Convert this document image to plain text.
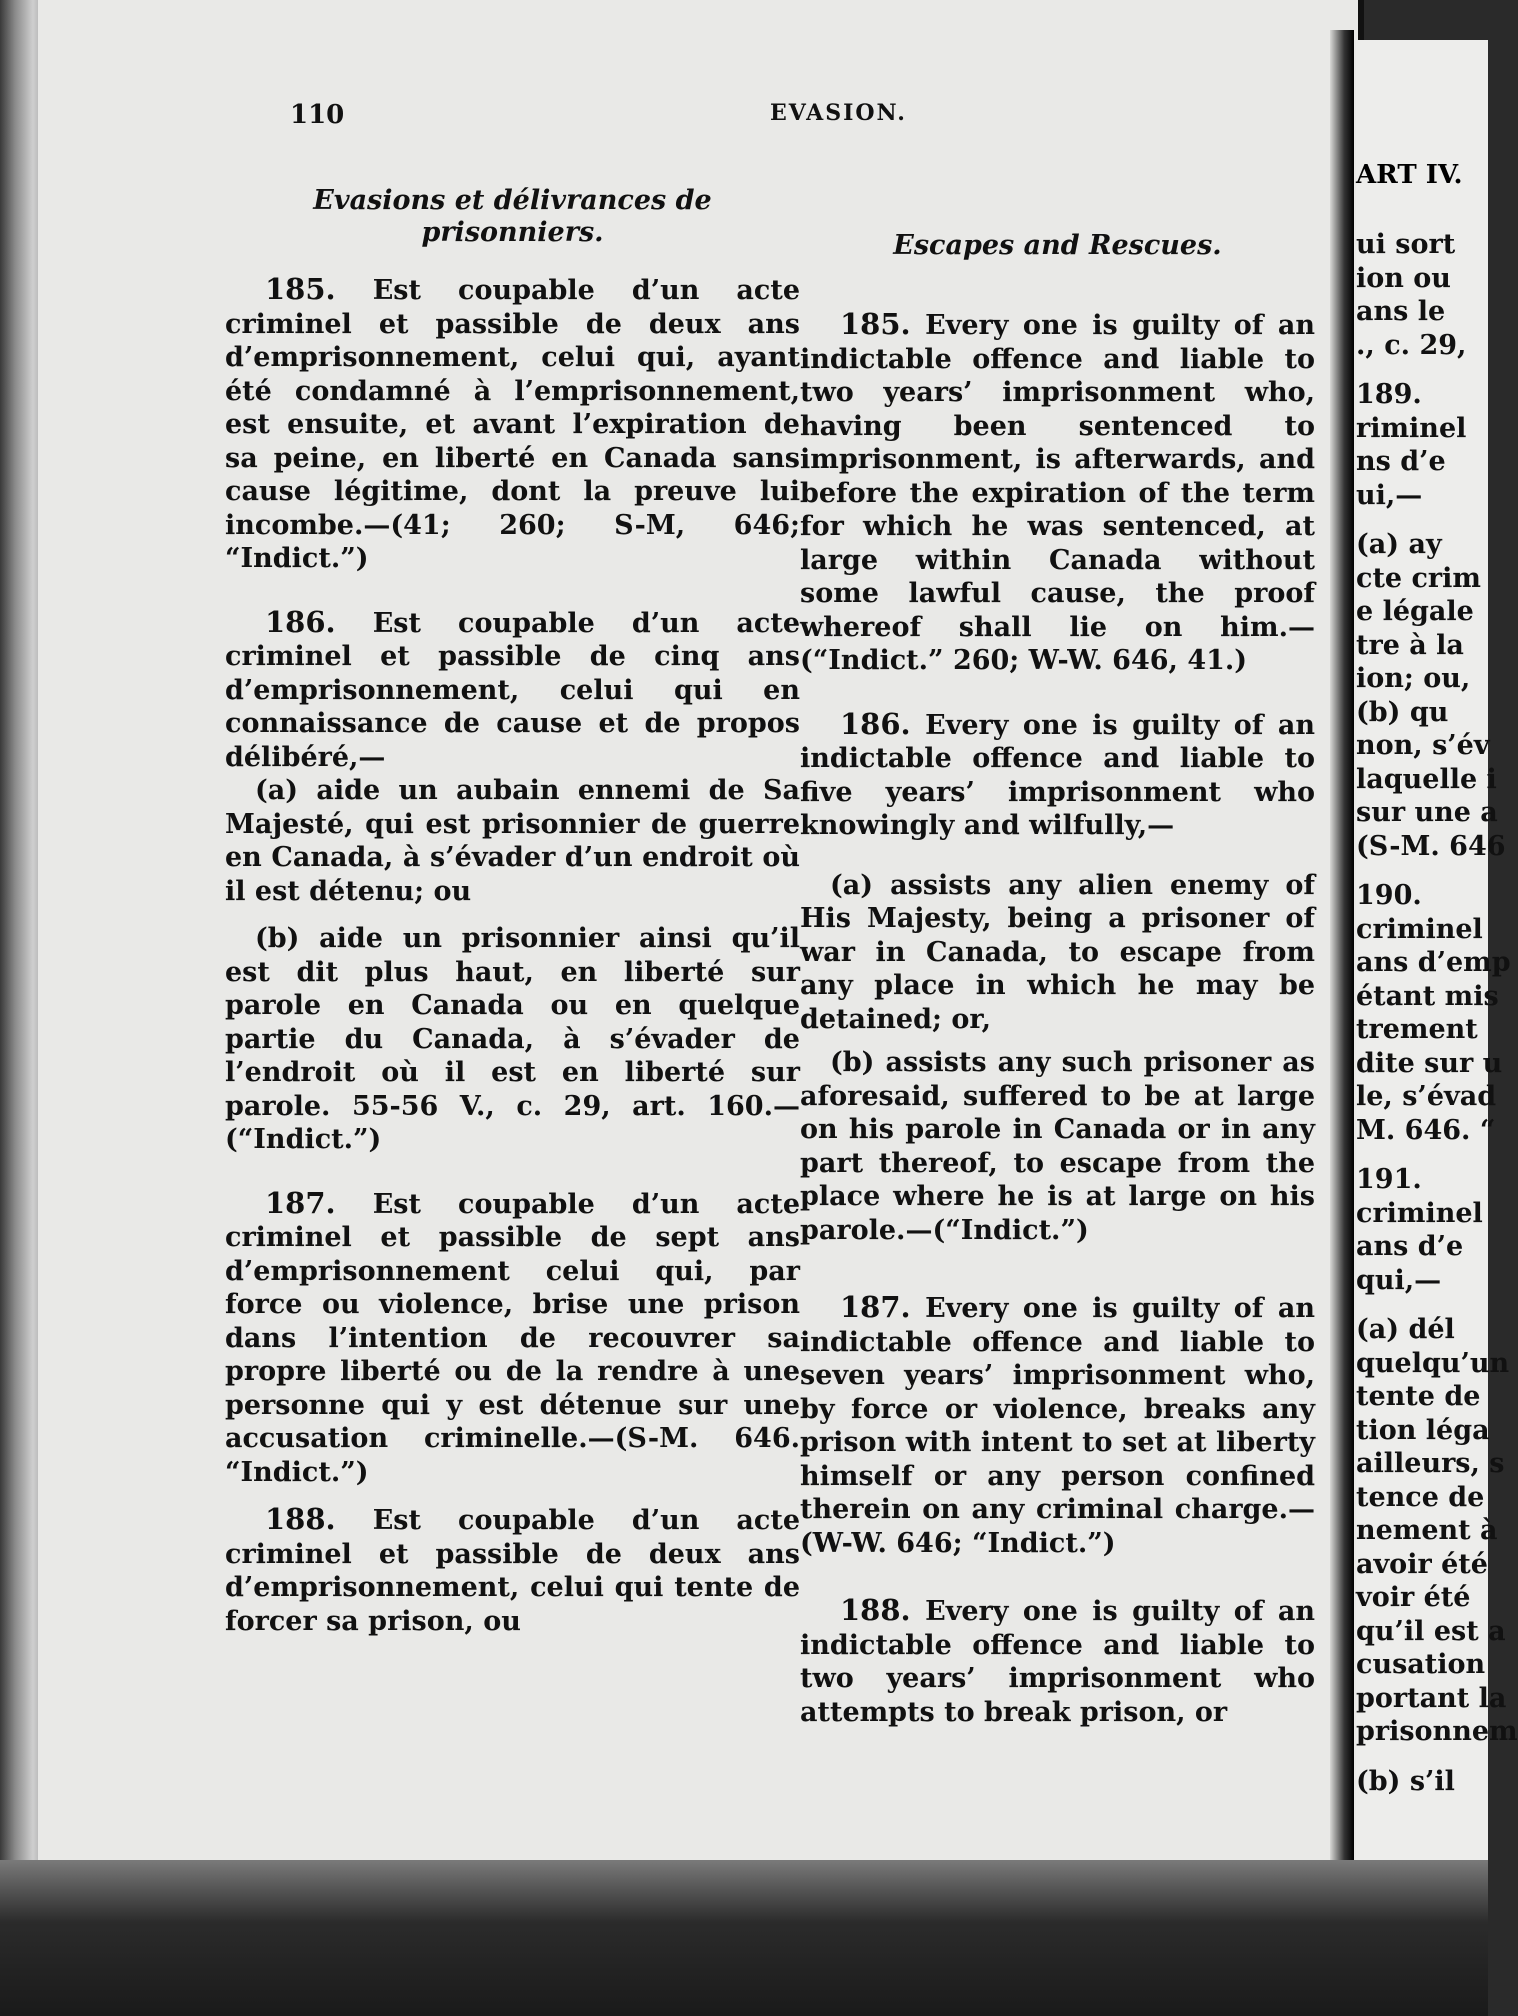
ART IV.
ui sort
ion ou
ans le
., c. 29,

189.
riminel
ns d’e
ui,—

(a) ay
cte crim
e légale
tre à la
ion; ou,
(b) qu
non, s’év
laquelle i
sur une a
(S-M. 646

190.
criminel
ans d’emp
étant mis
trement
dite sur u
le, s’évad
M. 646. “

191.
criminel
ans d’e
qui,—

(a) dél
quelqu’un
tente de
tion léga
ailleurs, s
tence de
nement à
avoir été
voir été
qu’il est a
cusation
portant la
prisonnem

(b) s’il
110	EVASION.
Evasions et délivrances de
prisonniers.

185. Est coupable d’un acte criminel et passible de deux ans d’emprisonnement, celui qui, ayant été condamné à l’emprisonnement, est ensuite, et avant l’expiration de sa peine, en liberté en Canada sans cause légitime, dont la preuve lui incombe.—(41; 260; S-M, 646; “Indict.”)

186. Est coupable d’un acte criminel et passible de cinq ans d’emprisonnement, celui qui en connaissance de cause et de propos délibéré,—

(a) aide un aubain ennemi de Sa Majesté, qui est prisonnier de guerre en Canada, à s’évader d’un endroit où il est détenu; ou

(b) aide un prisonnier ainsi qu’il est dit plus haut, en liberté sur parole en Canada ou en quelque partie du Canada, à s’évader de l’endroit où il est en liberté sur parole. 55-56 V., c. 29, art. 160.—(“Indict.”)

187. Est coupable d’un acte criminel et passible de sept ans d’emprisonnement celui qui, par force ou violence, brise une prison dans l’intention de recouvrer sa propre liberté ou de la rendre à une personne qui y est détenue sur une accusation criminelle.—(S-M. 646. “Indict.”)

188. Est coupable d’un acte criminel et passible de deux ans d’emprisonnement, celui qui tente de forcer sa prison, ou

Escapes and Rescues.

185. Every one is guilty of an indictable offence and liable to two years’ imprisonment who, having been sentenced to imprisonment, is afterwards, and before the expiration of the term for which he was sentenced, at large within Canada without some lawful cause, the proof whereof shall lie on him.—(“Indict.” 260; W-W. 646, 41.)

186. Every one is guilty of an indictable offence and liable to five years’ imprisonment who knowingly and wilfully,—

(a) assists any alien enemy of His Majesty, being a prisoner of war in Canada, to escape from any place in which he may be detained; or,

(b) assists any such prisoner as aforesaid, suffered to be at large on his parole in Canada or in any part thereof, to escape from the place where he is at large on his parole.—(“Indict.”)

187. Every one is guilty of an indictable offence and liable to seven years’ imprisonment who, by force or violence, breaks any prison with intent to set at liberty himself or any person confined therein on any criminal charge.—(W-W. 646; “Indict.”)

188. Every one is guilty of an indictable offence and liable to two years’ imprisonment who attempts to break prison, or
